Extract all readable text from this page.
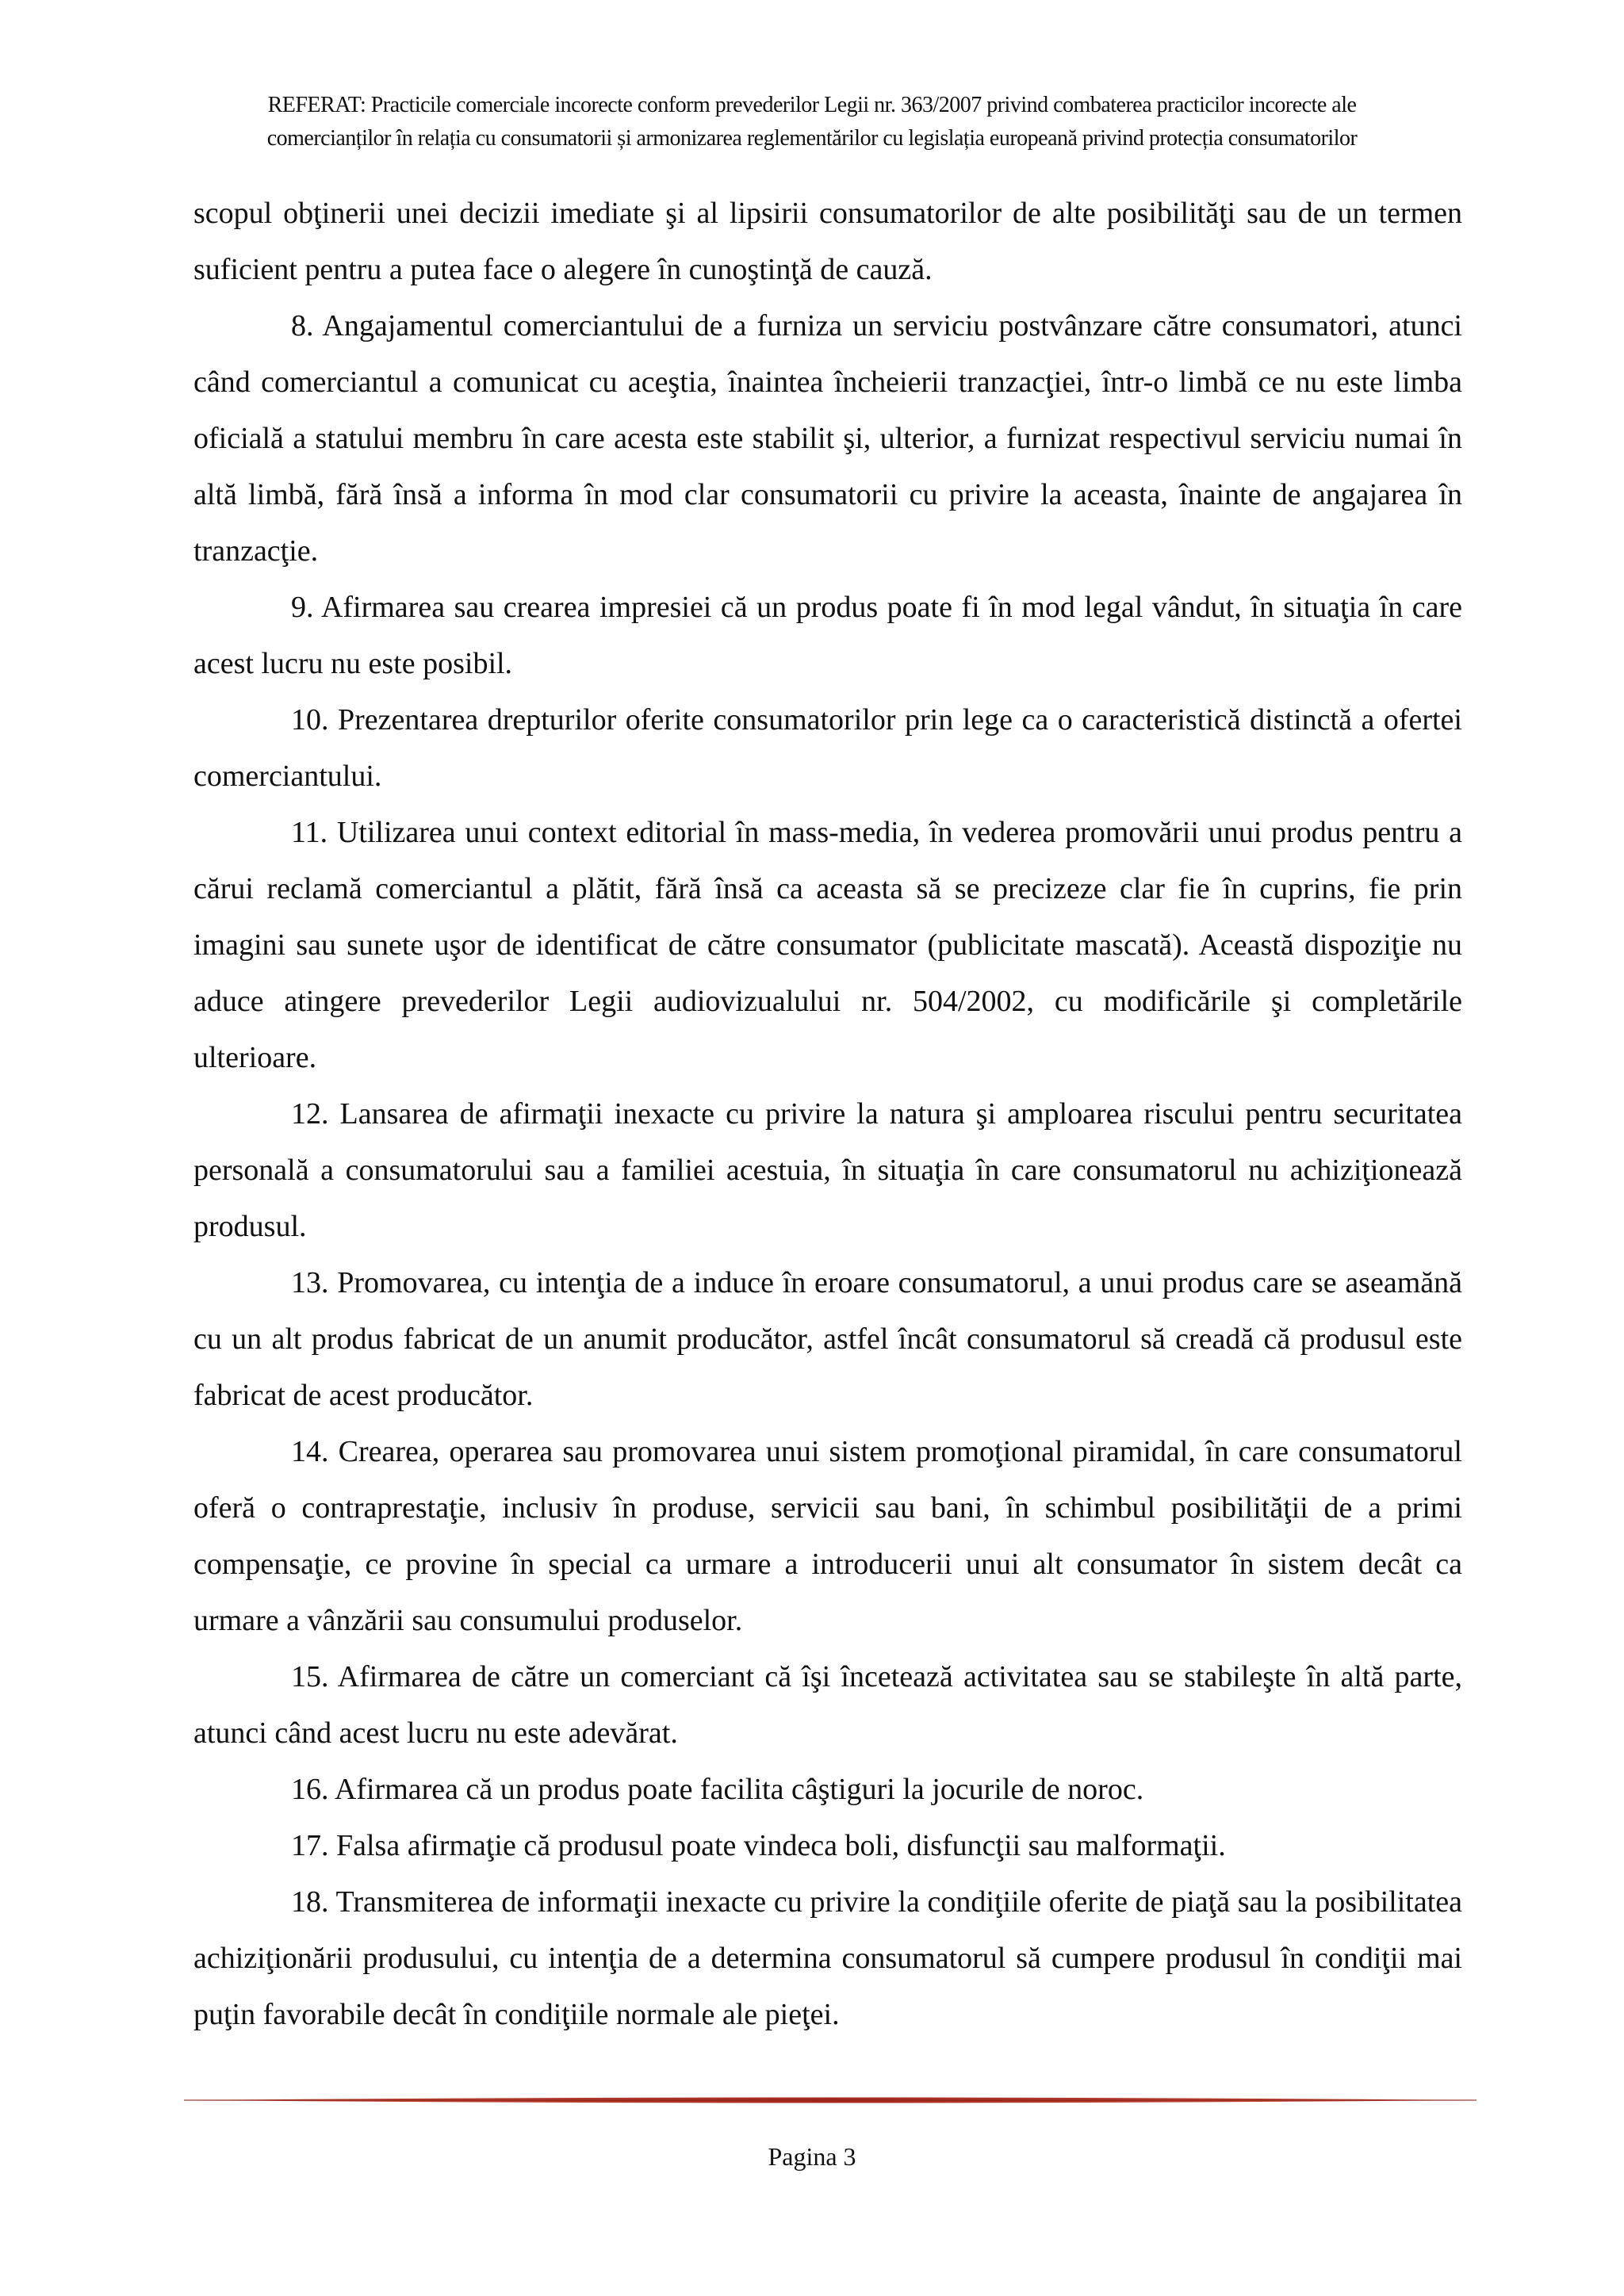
REFERAT: Practicile comerciale incorecte conform prevederilor Legii nr. 363/2007 privind combaterea practicilor incorecte ale
comercianților în relația cu consumatorii și armonizarea reglementărilor cu legislația europeană privind protecția consumatorilor

scopul obţinerii unei decizii imediate şi al lipsirii consumatorilor de alte posibilităţi sau de un termen suficient pentru a putea face o alegere în cunoştinţă de cauză.

8. Angajamentul comerciantului de a furniza un serviciu postvânzare către consumatori, atunci când comerciantul a comunicat cu aceştia, înaintea încheierii tranzacţiei, într-o limbă ce nu este limba oficială a statului membru în care acesta este stabilit şi, ulterior, a furnizat respectivul serviciu numai în altă limbă, fără însă a informa în mod clar consumatorii cu privire la aceasta, înainte de angajarea în tranzacţie.

9. Afirmarea sau crearea impresiei că un produs poate fi în mod legal vândut, în situaţia în care acest lucru nu este posibil.

10. Prezentarea drepturilor oferite consumatorilor prin lege ca o caracteristică distinctă a ofertei comerciantului.

11. Utilizarea unui context editorial în mass-media, în vederea promovării unui produs pentru a cărui reclamă comerciantul a plătit, fără însă ca aceasta să se precizeze clar fie în cuprins, fie prin imagini sau sunete uşor de identificat de către consumator (publicitate mascată). Această dispoziţie nu aduce atingere prevederilor Legii audiovizualului nr. 504/2002, cu modificările şi completările ulterioare.

12. Lansarea de afirmaţii inexacte cu privire la natura şi amploarea riscului pentru securitatea personală a consumatorului sau a familiei acestuia, în situaţia în care consumatorul nu achiziţionează produsul.

13. Promovarea, cu intenţia de a induce în eroare consumatorul, a unui produs care se aseamănă cu un alt produs fabricat de un anumit producător, astfel încât consumatorul să creadă că produsul este fabricat de acest producător.

14. Crearea, operarea sau promovarea unui sistem promoţional piramidal, în care consumatorul oferă o contraprestaţie, inclusiv în produse, servicii sau bani, în schimbul posibilităţii de a primi compensaţie, ce provine în special ca urmare a introducerii unui alt consumator în sistem decât ca urmare a vânzării sau consumului produselor.

15. Afirmarea de către un comerciant că îşi încetează activitatea sau se stabileşte în altă parte, atunci când acest lucru nu este adevărat.

16. Afirmarea că un produs poate facilita câştiguri la jocurile de noroc.

17. Falsa afirmaţie că produsul poate vindeca boli, disfuncţii sau malformaţii.

18. Transmiterea de informaţii inexacte cu privire la condiţiile oferite de piaţă sau la posibilitatea achiziţionării produsului, cu intenţia de a determina consumatorul să cumpere produsul în condiţii mai puţin favorabile decât în condiţiile normale ale pieţei.

Pagina 3
